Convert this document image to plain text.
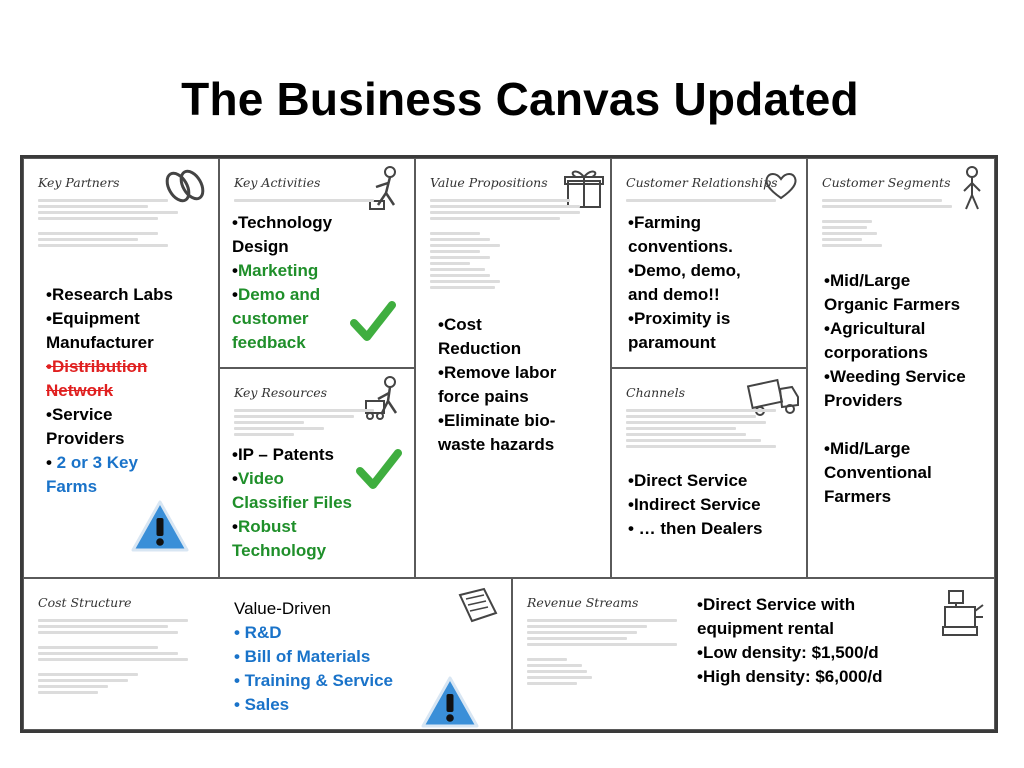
The Business Canvas Updated
Key Partners
•Research Labs
•Equipment
Manufacturer
•Distribution
Network
•Service
Providers
• 2 or 3 Key
Farms
Key Activities
•Technology
Design
•Marketing
•Demo and
customer
feedback
Key Resources
•IP – Patents
•Video
Classifier Files
•Robust
Technology
Value Propositions
•Cost
Reduction
•Remove labor
force pains
•Eliminate bio-
waste hazards
Customer Relationships
•Farming
conventions.
•Demo, demo,
and demo!!
•Proximity is
paramount
Channels
•Direct Service
•Indirect Service
• … then Dealers
Customer Segments
•Mid/Large
Organic Farmers
•Agricultural
corporations
•Weeding Service
Providers
•Mid/Large
Conventional
Farmers
Cost Structure	Value-Driven
• R&D
• Bill of Materials
• Training & Service
• Sales
Revenue Streams	•Direct Service with
equipment rental
•Low density: $1,500/d
•High density: $6,000/d
